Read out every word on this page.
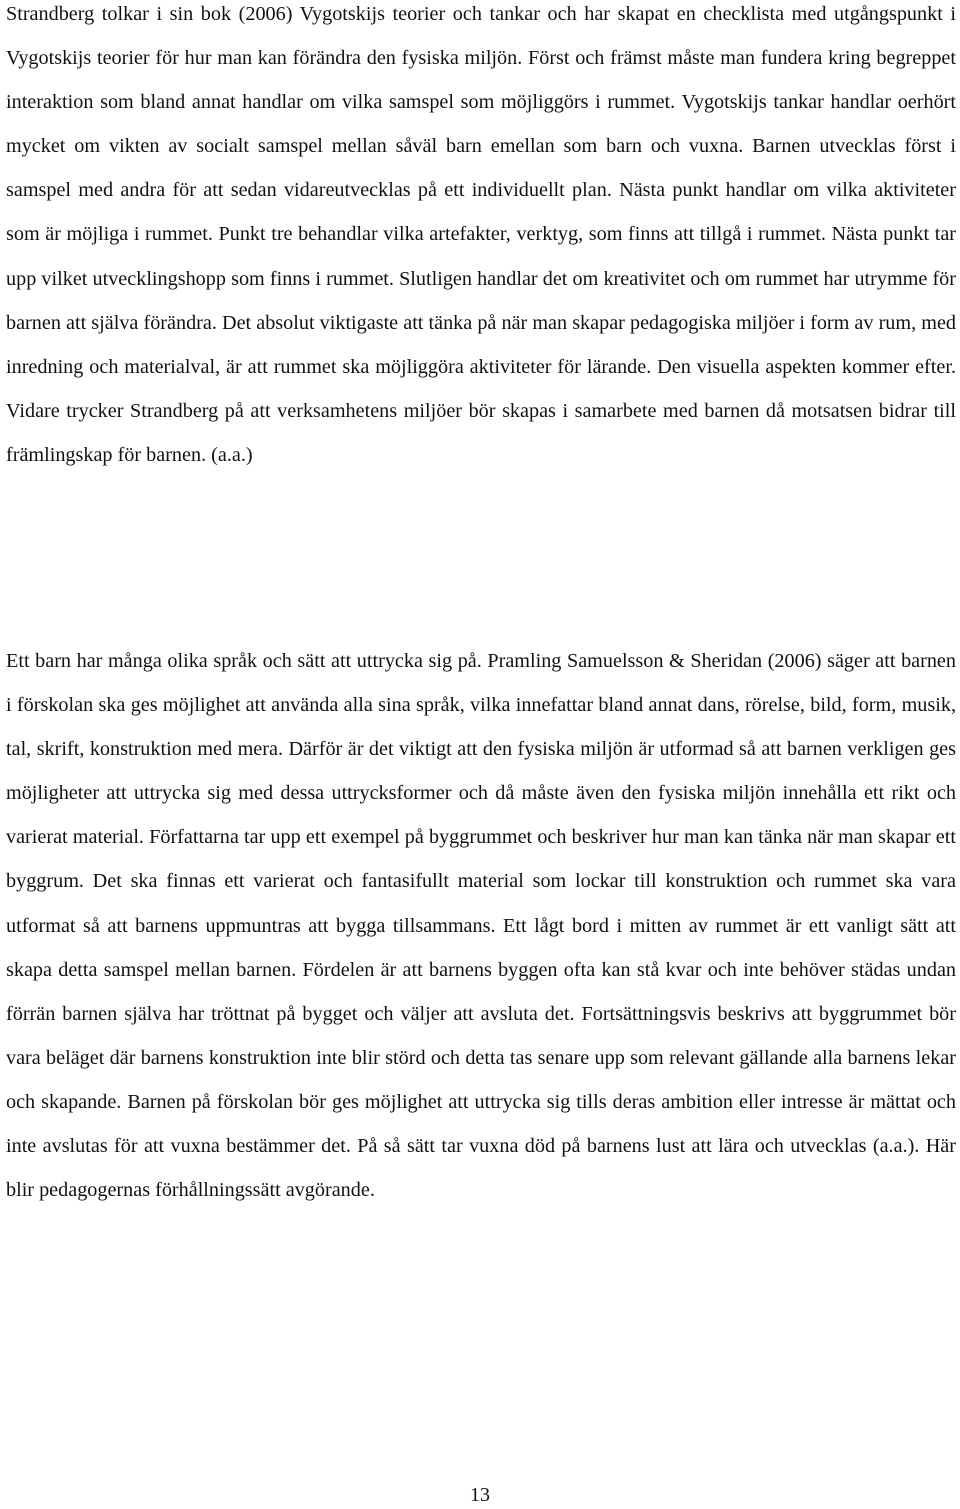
Strandberg tolkar i sin bok (2006) Vygotskijs teorier och tankar och har skapat en checklista med utgångspunkt i Vygotskijs teorier för hur man kan förändra den fysiska miljön. Först och främst måste man fundera kring begreppet interaktion som bland annat handlar om vilka samspel som möjliggörs i rummet. Vygotskijs tankar handlar oerhört mycket om vikten av socialt samspel mellan såväl barn emellan som barn och vuxna. Barnen utvecklas först i samspel med andra för att sedan vidareutvecklas på ett individuellt plan. Nästa punkt handlar om vilka aktiviteter som är möjliga i rummet. Punkt tre behandlar vilka artefakter, verktyg, som finns att tillgå i rummet. Nästa punkt tar upp vilket utvecklingshopp som finns i rummet. Slutligen handlar det om kreativitet och om rummet har utrymme för barnen att själva förändra. Det absolut viktigaste att tänka på när man skapar pedagogiska miljöer i form av rum, med inredning och materialval, är att rummet ska möjliggöra aktiviteter för lärande. Den visuella aspekten kommer efter. Vidare trycker Strandberg på att verksamhetens miljöer bör skapas i samarbete med barnen då motsatsen bidrar till främlingskap för barnen. (a.a.)

Ett barn har många olika språk och sätt att uttrycka sig på. Pramling Samuelsson & Sheridan (2006) säger att barnen i förskolan ska ges möjlighet att använda alla sina språk, vilka innefattar bland annat dans, rörelse, bild, form, musik, tal, skrift, konstruktion med mera. Därför är det viktigt att den fysiska miljön är utformad så att barnen verkligen ges möjligheter att uttrycka sig med dessa uttrycksformer och då måste även den fysiska miljön innehålla ett rikt och varierat material. Författarna tar upp ett exempel på byggrummet och beskriver hur man kan tänka när man skapar ett byggrum. Det ska finnas ett varierat och fantasifullt material som lockar till konstruktion och rummet ska vara utformat så att barnens uppmuntras att bygga tillsammans. Ett lågt bord i mitten av rummet är ett vanligt sätt att skapa detta samspel mellan barnen. Fördelen är att barnens byggen ofta kan stå kvar och inte behöver städas undan förrän barnen själva har tröttnat på bygget och väljer att avsluta det. Fortsättningsvis beskrivs att byggrummet bör vara beläget där barnens konstruktion inte blir störd och detta tas senare upp som relevant gällande alla barnens lekar och skapande. Barnen på förskolan bör ges möjlighet att uttrycka sig tills deras ambition eller intresse är mättat och inte avslutas för att vuxna bestämmer det. På så sätt tar vuxna död på barnens lust att lära och utvecklas (a.a.). Här blir pedagogernas förhållningssätt avgörande.

13
